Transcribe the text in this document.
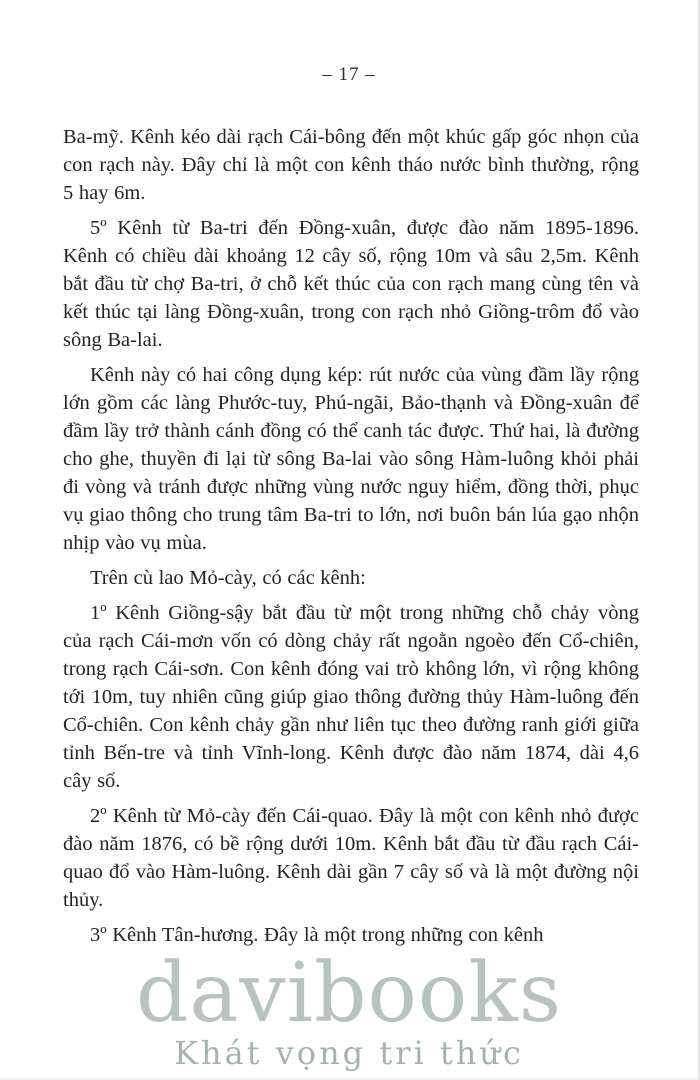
– 17 –

Ba-mỹ. Kênh kéo dài rạch Cái-bông đến một khúc gấp góc nhọn của con rạch này. Đây chỉ là một con kênh tháo nước bình thường, rộng 5 hay 6m.

5º Kênh từ Ba-tri đến Đồng-xuân, được đào năm 1895-1896. Kênh có chiều dài khoảng 12 cây số, rộng 10m và sâu 2,5m. Kênh bắt đầu từ chợ Ba-tri, ở chỗ kết thúc của con rạch mang cùng tên và kết thúc tại làng Đồng-xuân, trong con rạch nhỏ Giồng-trôm đổ vào sông Ba-lai.

Kênh này có hai công dụng kép: rút nước của vùng đầm lầy rộng lớn gồm các làng Phước-tuy, Phú-ngãi, Bảo-thạnh và Đồng-xuân để đầm lầy trở thành cánh đồng có thể canh tác được. Thứ hai, là đường cho ghe, thuyền đi lại từ sông Ba-lai vào sông Hàm-luông khỏi phải đi vòng và tránh được những vùng nước nguy hiểm, đồng thời, phục vụ giao thông cho trung tâm Ba-tri to lớn, nơi buôn bán lúa gạo nhộn nhịp vào vụ mùa.

Trên cù lao Mỏ-cày, có các kênh:

1º Kênh Giồng-sậy bắt đầu từ một trong những chỗ chảy vòng của rạch Cái-mơn vốn có dòng chảy rất ngoằn ngoèo đến Cổ-chiên, trong rạch Cái-sơn. Con kênh đóng vai trò không lớn, vì rộng không tới 10m, tuy nhiên cũng giúp giao thông đường thủy Hàm-luông đến Cổ-chiên. Con kênh chảy gần như liên tục theo đường ranh giới giữa tỉnh Bến-tre và tỉnh Vĩnh-long. Kênh được đào năm 1874, dài 4,6 cây số.

2º Kênh từ Mỏ-cày đến Cái-quao. Đây là một con kênh nhỏ được đào năm 1876, có bề rộng dưới 10m. Kênh bắt đầu từ đầu rạch Cái-quao đổ vào Hàm-luông. Kênh dài gần 7 cây số và là một đường nội thủy.

3º Kênh Tân-hương. Đây là một trong những con kênh

davibooks
Khát vọng tri thức
